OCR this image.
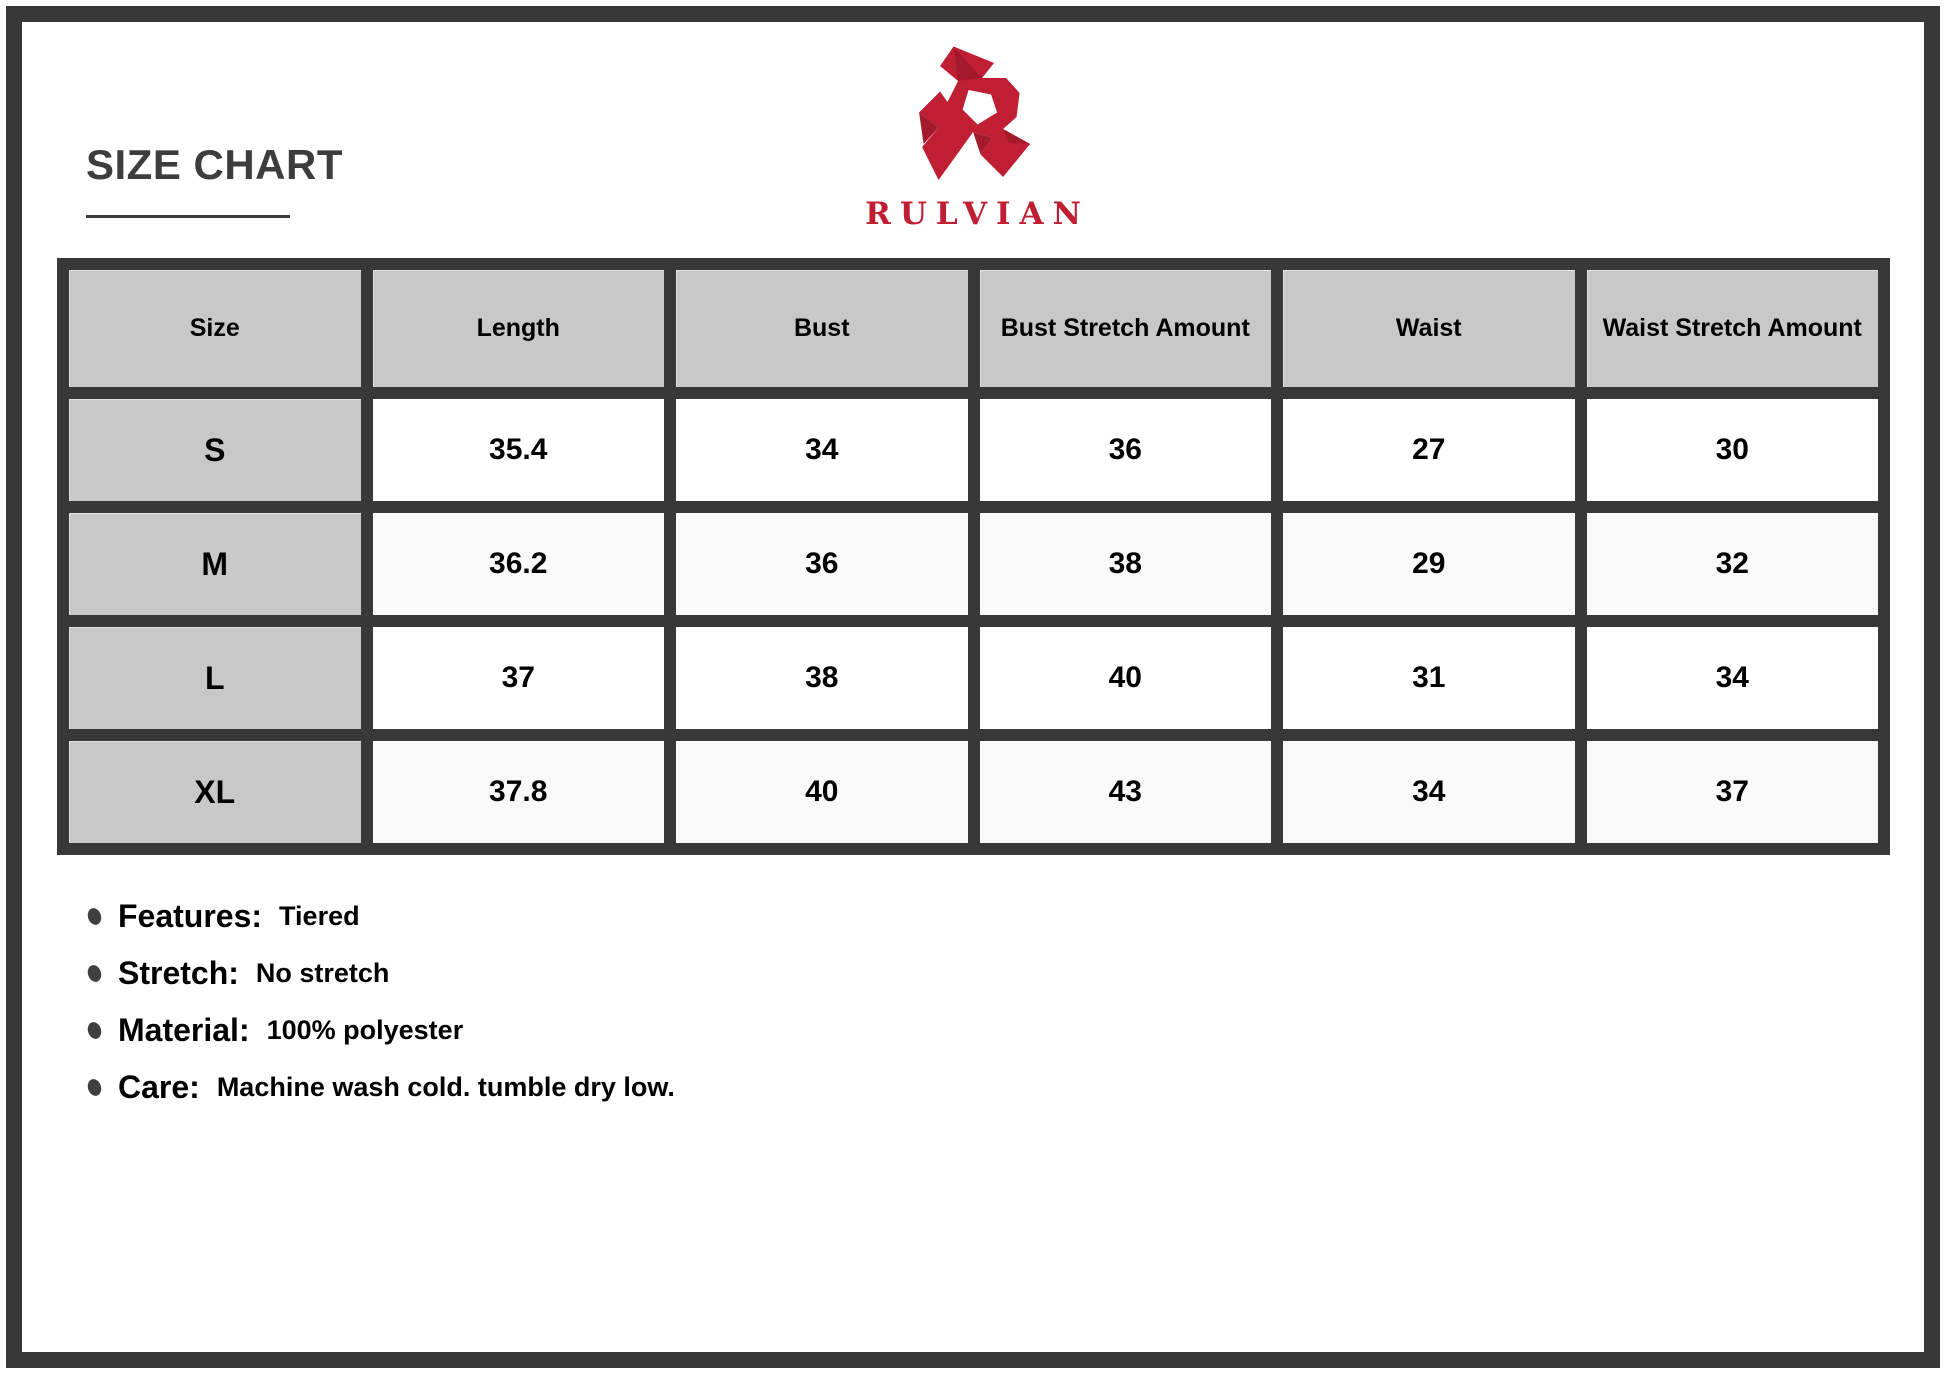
SIZE CHART
RULVIAN
Size	Length	Bust	Bust Stretch Amount	Waist	Waist Stretch Amount
S	35.4	34	36	27	30
M	36.2	36	38	29	32
L	37	38	40	31	34
XL	37.8	40	43	34	37
Features: Tiered
Stretch: No stretch
Material: 100% polyester
Care: Machine wash cold. tumble dry low.
